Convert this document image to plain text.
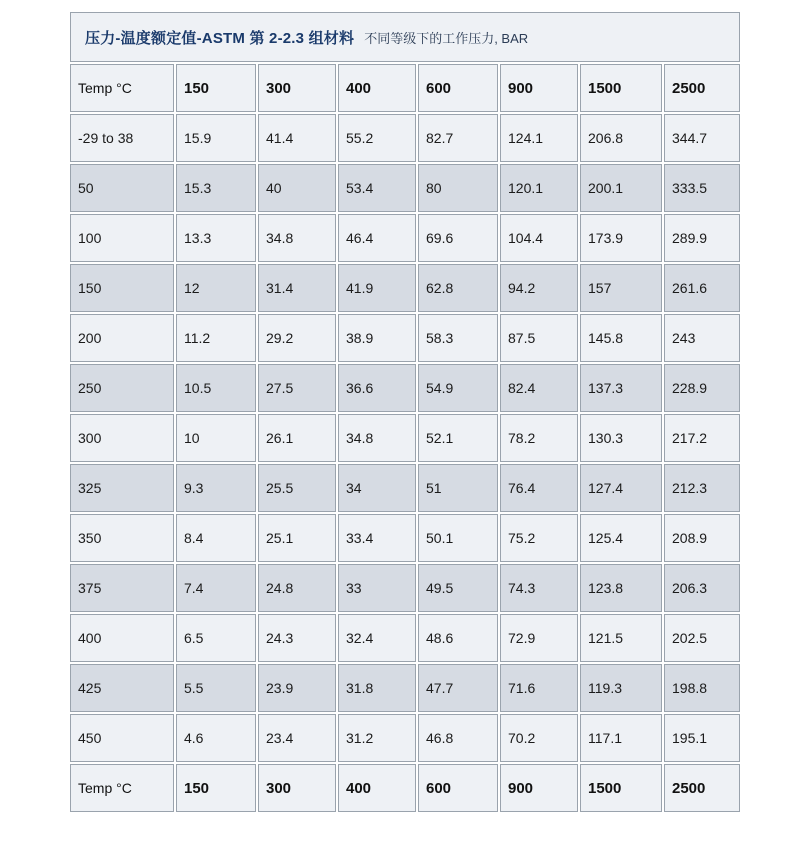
压力-温度额定值-ASTM 第 2-2.3 组材料 不同等级下的工作压力, BAR							
Temp °C	150	300	400	600	900	1500	2500
-29 to 38	15.9	41.4	55.2	82.7	124.1	206.8	344.7
50	15.3	40	53.4	80	120.1	200.1	333.5
100	13.3	34.8	46.4	69.6	104.4	173.9	289.9
150	12	31.4	41.9	62.8	94.2	157	261.6
200	11.2	29.2	38.9	58.3	87.5	145.8	243
250	10.5	27.5	36.6	54.9	82.4	137.3	228.9
300	10	26.1	34.8	52.1	78.2	130.3	217.2
325	9.3	25.5	34	51	76.4	127.4	212.3
350	8.4	25.1	33.4	50.1	75.2	125.4	208.9
375	7.4	24.8	33	49.5	74.3	123.8	206.3
400	6.5	24.3	32.4	48.6	72.9	121.5	202.5
425	5.5	23.9	31.8	47.7	71.6	119.3	198.8
450	4.6	23.4	31.2	46.8	70.2	117.1	195.1
Temp °C	150	300	400	600	900	1500	2500
